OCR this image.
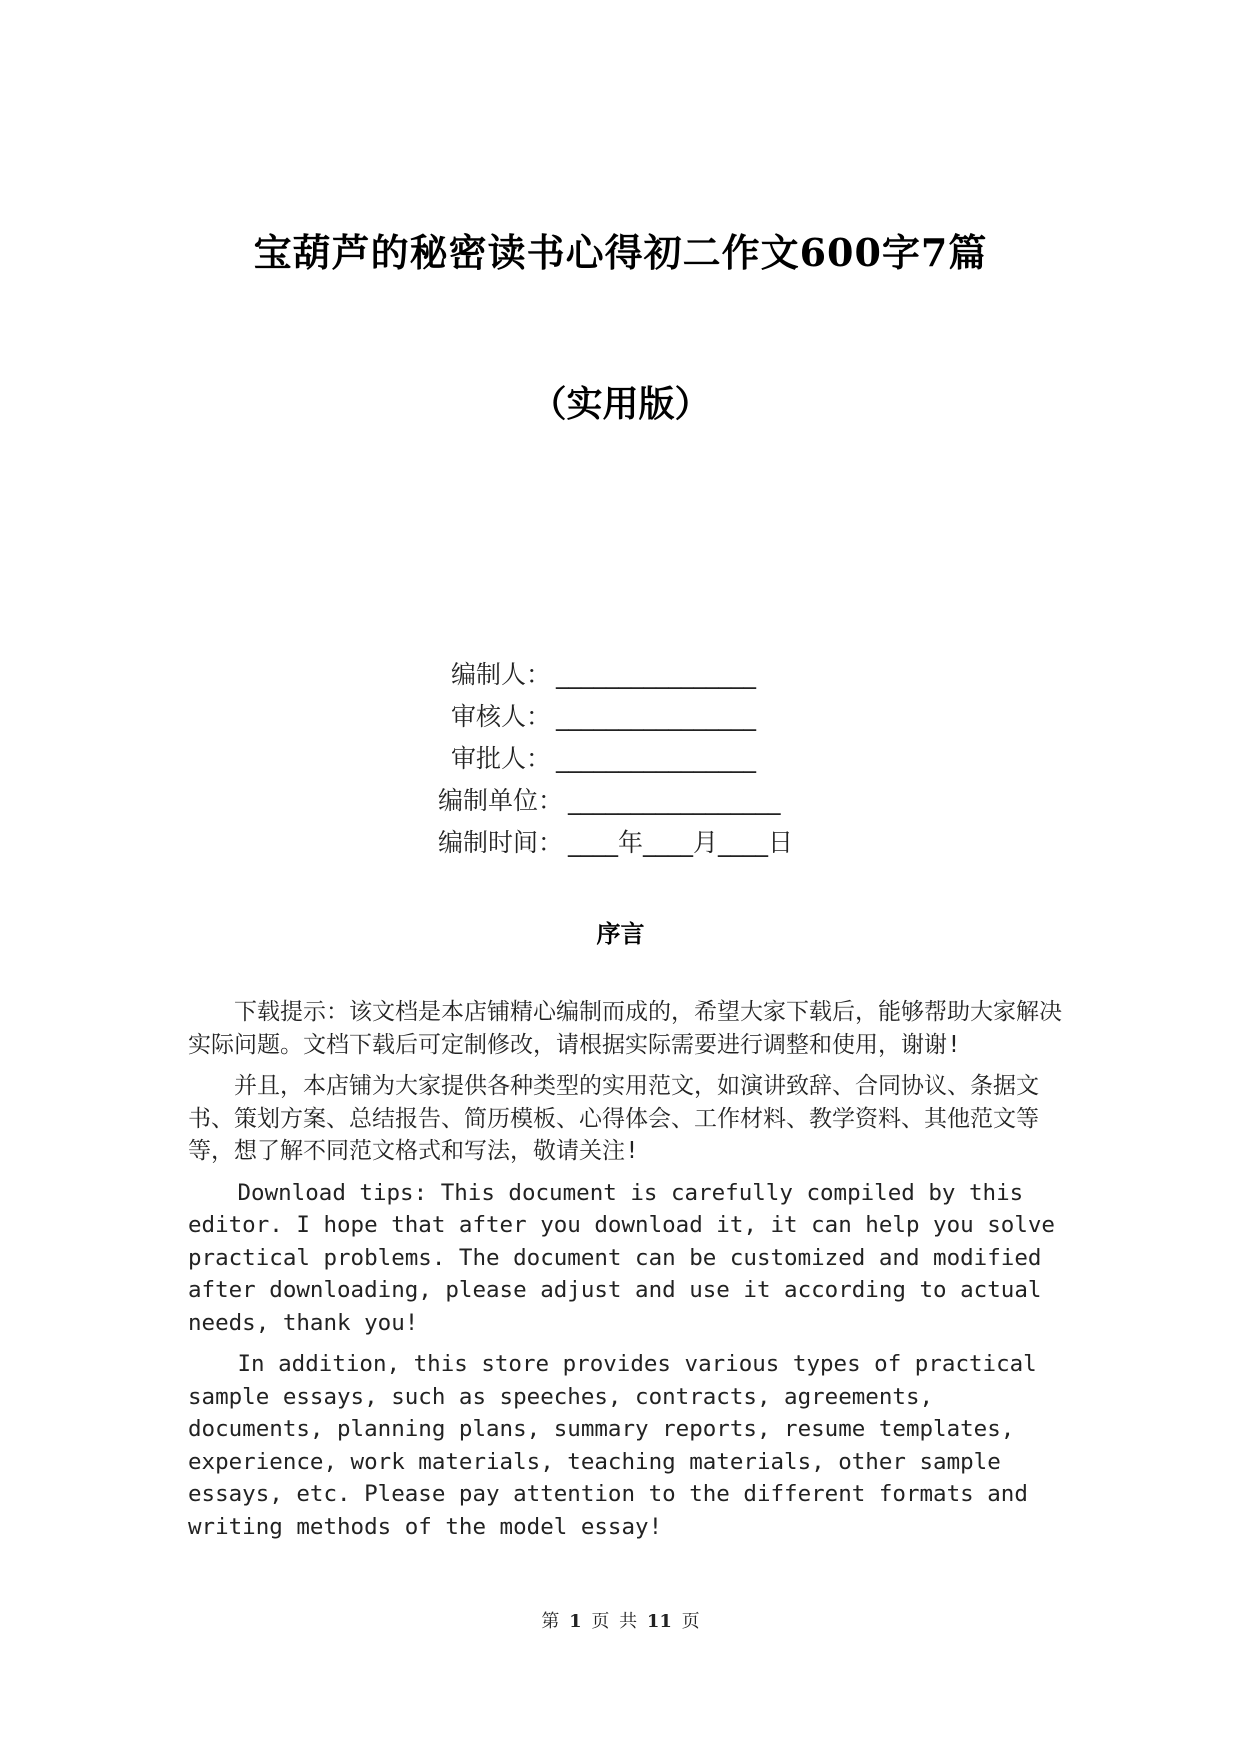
宝葫芦的秘密读书心得初二作文600字7篇
（实用版）
编制人： ________________
审核人： ________________
审批人： ________________
编制单位： _________________
编制时间： ____年____月____日
序言

下载提示：该文档是本店铺精心编制而成的，希望大家下载后，能够帮助大家解决实际问题。文档下载后可定制修改，请根据实际需要进行调整和使用，谢谢!

并且，本店铺为大家提供各种类型的实用范文，如演讲致辞、合同协议、条据文书、策划方案、总结报告、简历模板、心得体会、工作材料、教学资料、其他范文等等，想了解不同范文格式和写法，敬请关注!

Download tips: This document is carefully compiled by this editor. I hope that after you download it, it can help you solve practical problems. The document can be customized and modified after downloading, please adjust and use it according to actual needs, thank you!

In addition, this store provides various types of practical sample essays, such as speeches, contracts, agreements, documents, planning plans, summary reports, resume templates, experience, work materials, teaching materials, other sample essays, etc. Please pay attention to the different formats and writing methods of the model essay!

第 1 页 共 11 页
